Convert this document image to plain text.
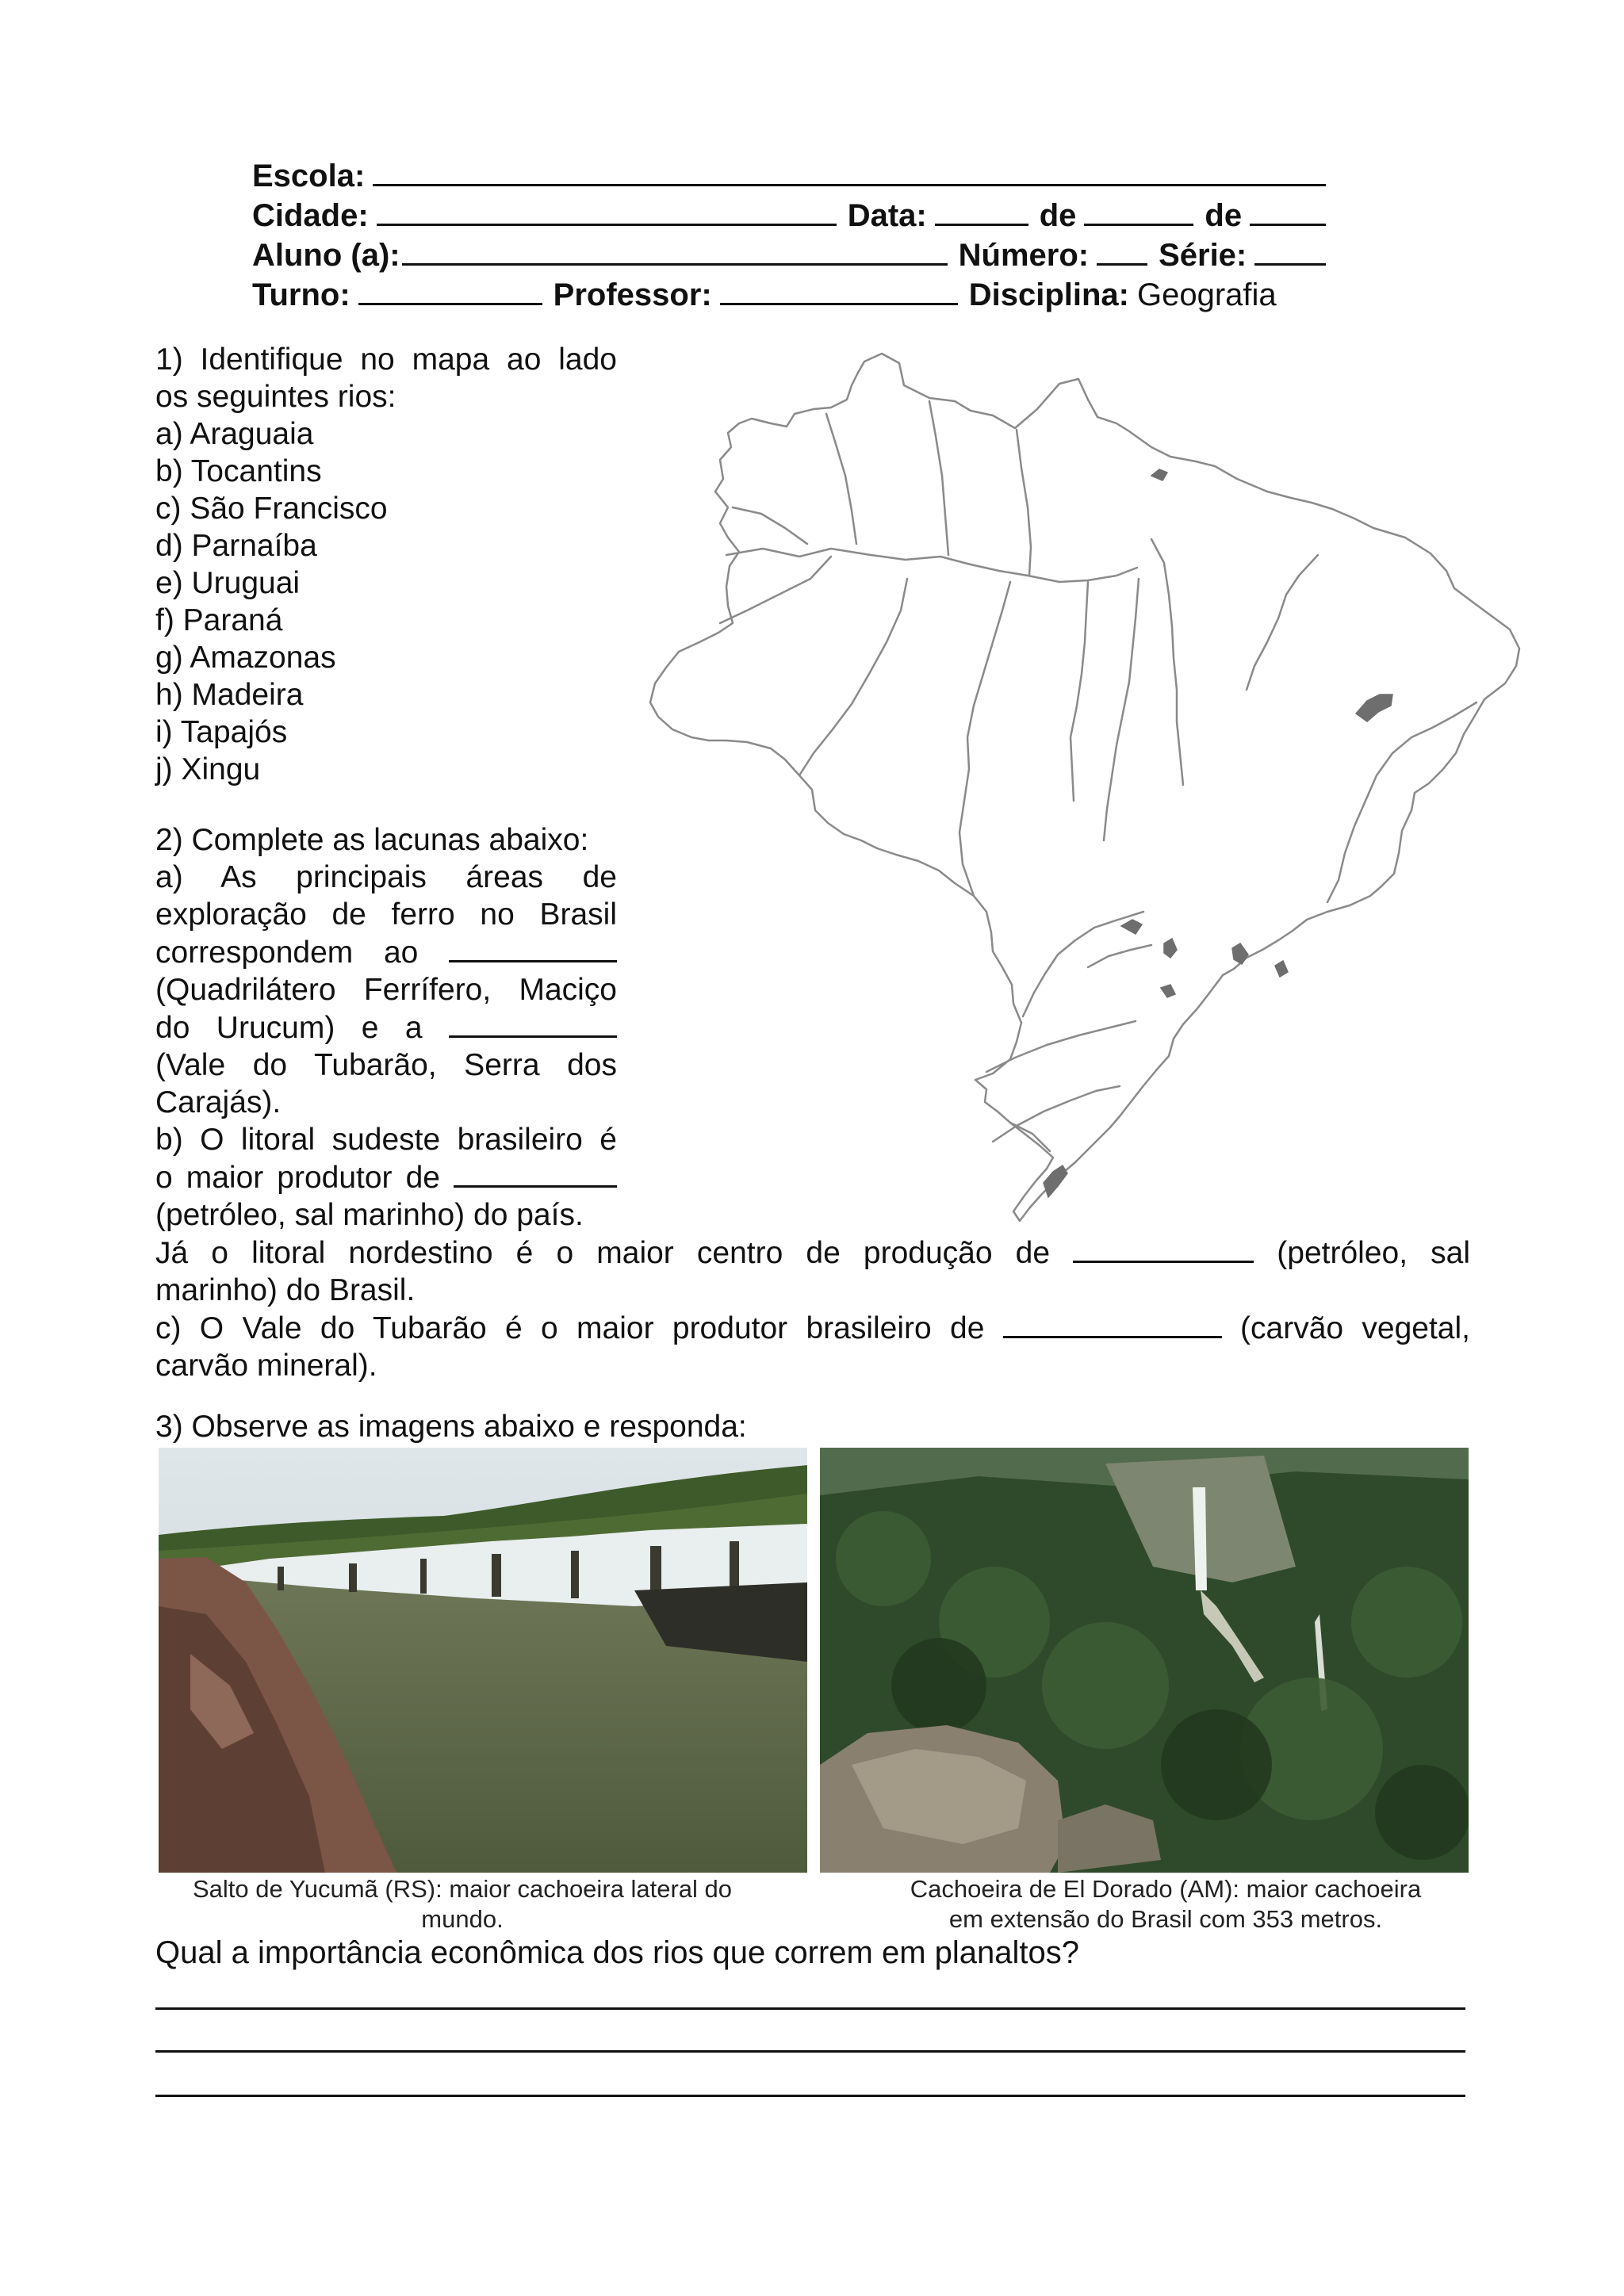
Escola:
Cidade:	Data:	de	de
Aluno (a):	Número: Série:
Turno:	Professor:	Disciplina: Geografia
1) Identifique no mapa ao lado
os seguintes rios:
a) Araguaia
b) Tocantins
c) São Francisco
d) Parnaíba
e) Uruguai
f) Paraná
g) Amazonas
h) Madeira
i) Tapajós
j) Xingu
2) Complete as lacunas abaixo:
a) As principais áreas de
exploração de ferro no Brasil
correspondem ao
(Quadrilátero Ferrífero, Maciço
do Urucum) e a
(Vale do Tubarão, Serra dos
Carajás).
b) O litoral sudeste brasileiro é
o maior produtor de
(petróleo, sal marinho) do país.
Já o litoral nordestino é o maior centro de produção de	(petróleo, sal
marinho) do Brasil.
c) O Vale do Tubarão é o maior produtor brasileiro de	(carvão vegetal,
carvão mineral).
3) Observe as imagens abaixo e responda:
Salto de Yucumã (RS): maior cachoeira lateral do
mundo.
Cachoeira de El Dorado (AM): maior cachoeira
em extensão do Brasil com 353 metros.
Qual a importância econômica dos rios que correm em planaltos?
